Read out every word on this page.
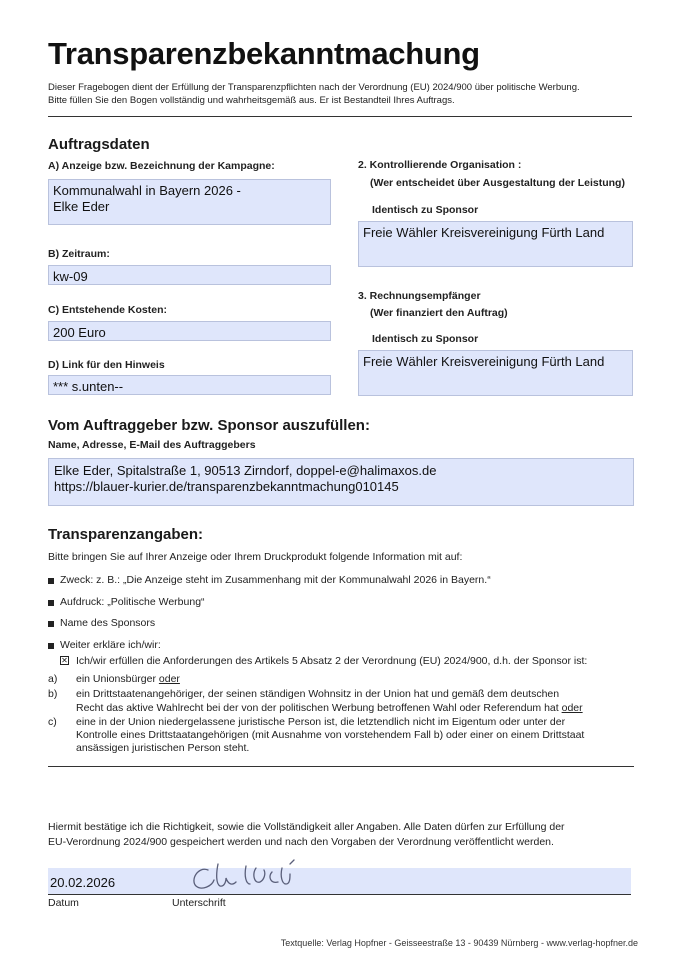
Transparenzbekanntmachung
Dieser Fragebogen dient der Erfüllung der Transparenzpflichten nach der Verordnung (EU) 2024/900 über politische Werbung.
Bitte füllen Sie den Bogen vollständig und wahrheitsgemäß aus. Er ist Bestandteil Ihres Auftrags.
Auftragsdaten
A) Anzeige bzw. Bezeichnung der Kampagne:
Kommunalwahl in Bayern 2026 -
Elke Eder
B) Zeitraum:
kw-09
C) Entstehende Kosten:
200 Euro
D) Link für den Hinweis
*** s.unten--
2. Kontrollierende Organisation :
(Wer entscheidet über Ausgestaltung der Leistung)
Identisch zu Sponsor
Freie Wähler Kreisvereinigung Fürth Land
3. Rechnungsempfänger
(Wer finanziert den Auftrag)
Identisch zu Sponsor
Freie Wähler Kreisvereinigung Fürth Land
Vom Auftraggeber bzw. Sponsor auszufüllen:
Name, Adresse, E-Mail des Auftraggebers
Elke Eder, Spitalstraße 1, 90513 Zirndorf, doppel-e@halimaxos.de
https://blauer-kurier.de/transparenzbekanntmachung010145
Transparenzangaben:
Bitte bringen Sie auf Ihrer Anzeige oder Ihrem Druckprodukt folgende Information mit auf:
Zweck: z. B.: „Die Anzeige steht im Zusammenhang mit der Kommunalwahl 2026 in Bayern.“
Aufdruck: „Politische Werbung“
Name des Sponsors
Weiter erkläre ich/wir:
✕ Ich/wir erfüllen die Anforderungen des Artikels 5 Absatz 2 der Verordnung (EU) 2024/900, d.h. der Sponsor ist:
a) ein Unionsbürger oder
b) ein Drittstaatenangehöriger, der seinen ständigen Wohnsitz in der Union hat und gemäß dem deutschen
Recht das aktive Wahlrecht bei der von der politischen Werbung betroffenen Wahl oder Referendum hat oder
c) eine in der Union niedergelassene juristische Person ist, die letztendlich nicht im Eigentum oder unter der
Kontrolle eines Drittstaatangehörigen (mit Ausnahme von vorstehendem Fall b) oder einer on einem Drittstaat
ansässigen juristischen Person steht.
Hiermit bestätige ich die Richtigkeit, sowie die Vollständigkeit aller Angaben. Alle Daten dürfen zur Erfüllung der
EU-Verordnung 2024/900 gespeichert werden und nach den Vorgaben der Verordnung veröffentlicht werden.
20.02.2026
Datum	Unterschrift
Textquelle: Verlag Hopfner - Geisseestraße 13 - 90439 Nürnberg - www.verlag-hopfner.de
